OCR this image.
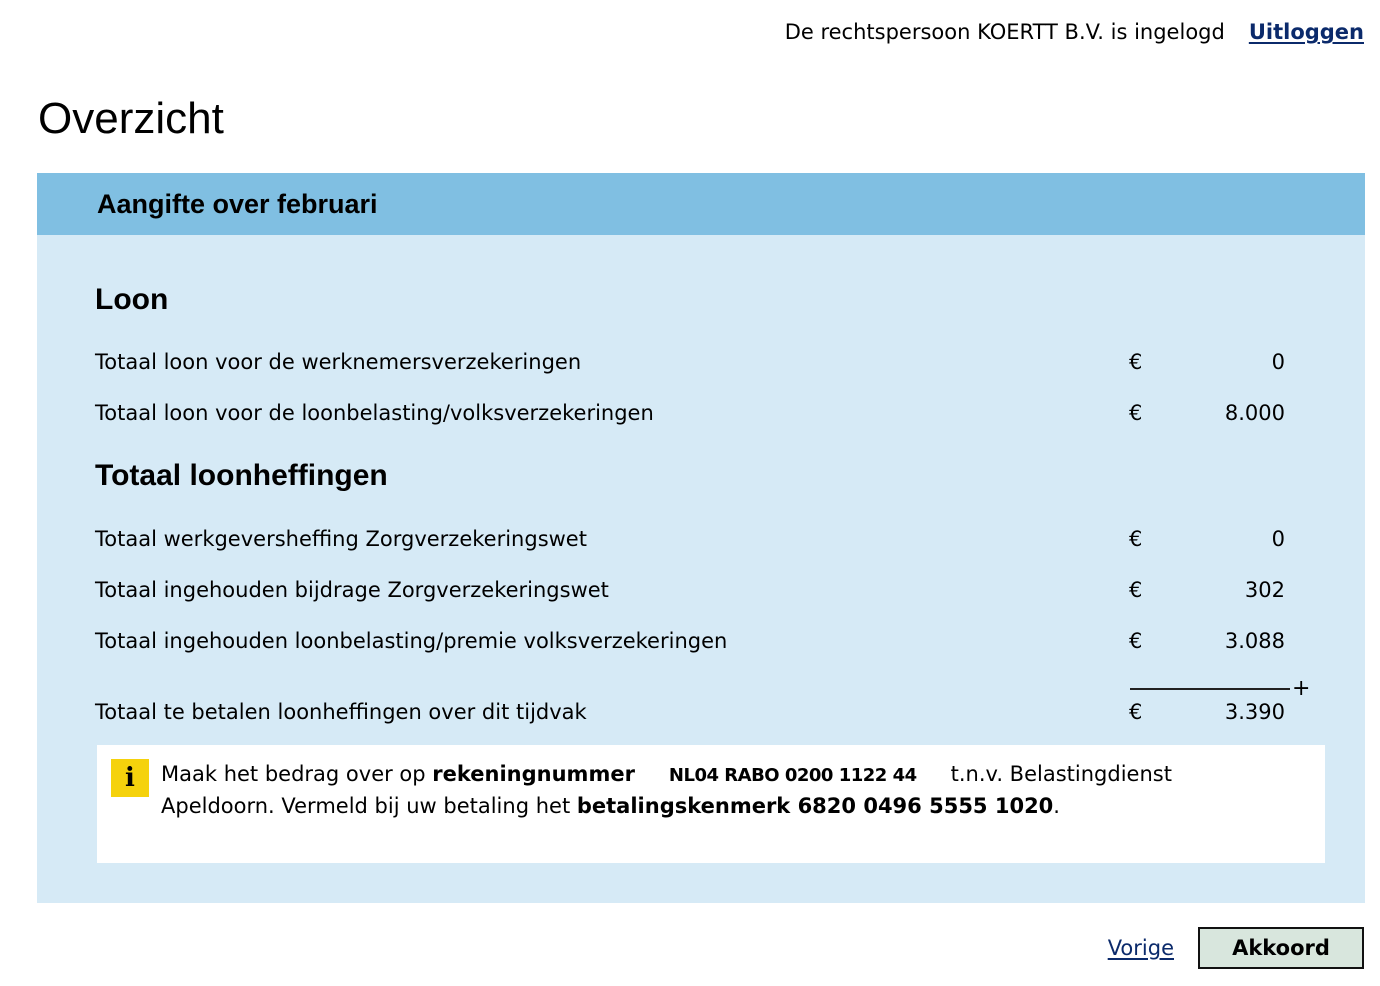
De rechtspersoon KOERTT B.V. is ingelogd Uitloggen
Overzicht
Aangifte over februari
Loon
Totaal loon voor de werknemersverzekeringen	€	0
Totaal loon voor de loonbelasting/volksverzekeringen	€	8.000
Totaal loonheffingen
Totaal werkgeversheffing Zorgverzekeringswet	€	0
Totaal ingehouden bijdrage Zorgverzekeringswet	€	302
Totaal ingehouden loonbelasting/premie volksverzekeringen	€	3.088
+
Totaal te betalen loonheffingen over dit tijdvak	€	3.390
i	Maak het bedrag over op rekeningnummer NL04 RABO 0200 1122 44 t.n.v. Belastingdienst Apeldoorn. Vermeld bij uw betaling het betalingskenmerk 6820 0496 5555 1020.
Vorige	Akkoord
